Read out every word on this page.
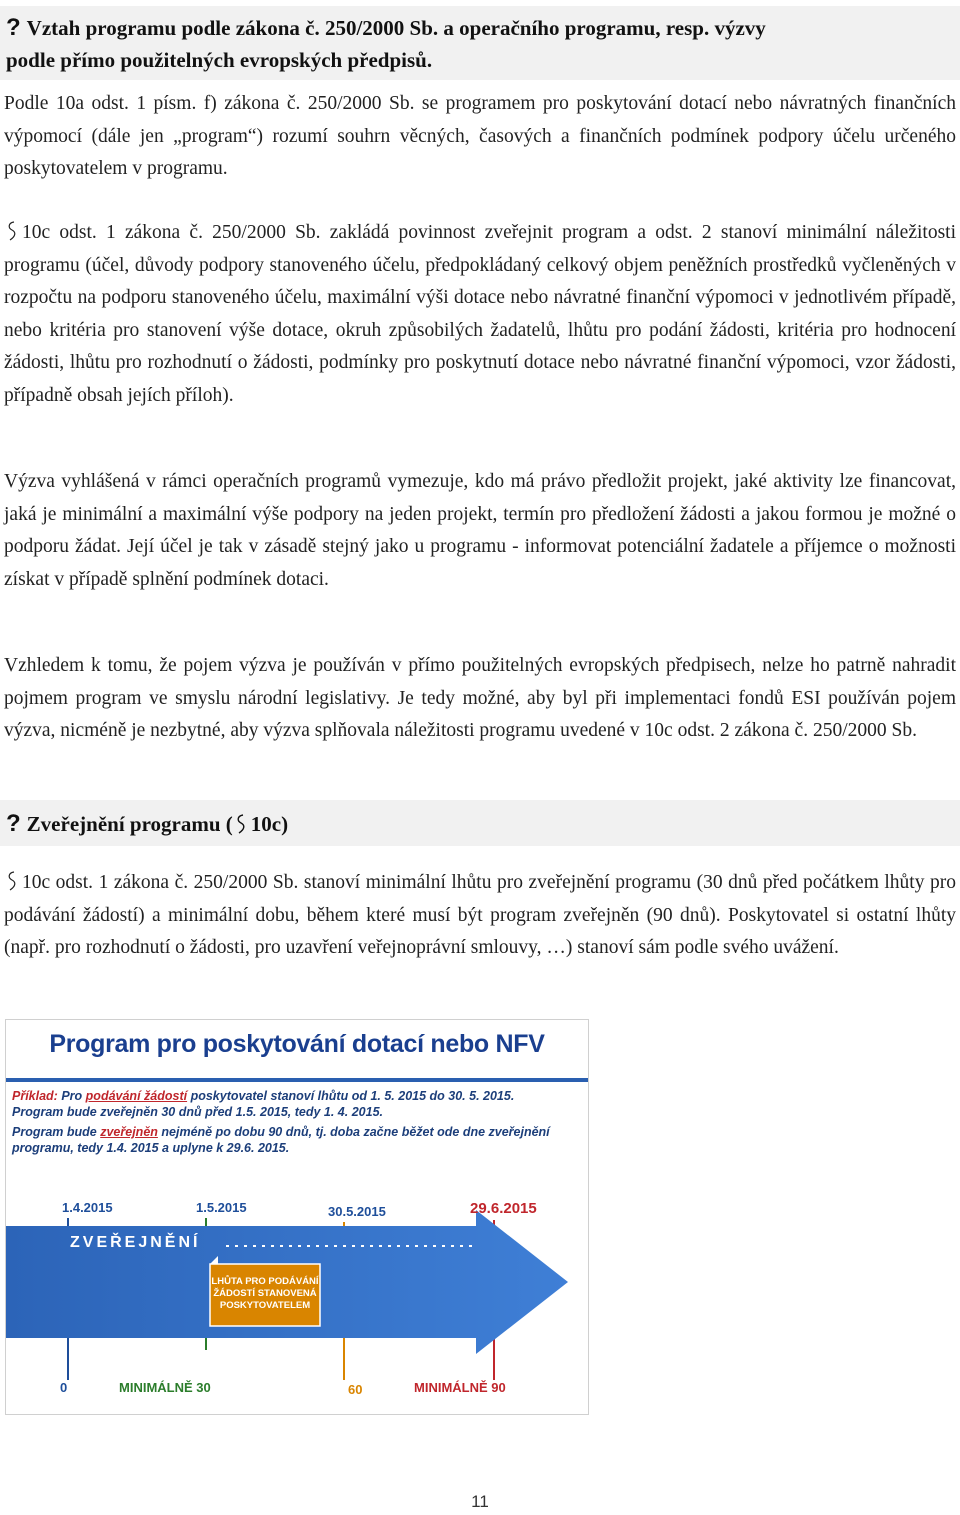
? Vztah programu podle zákona č. 250/2000 Sb. a operačního programu, resp. výzvy
podle přímo použitelných evropských předpisů.
Podle 10a odst. 1 písm. f) zákona č. 250/2000 Sb. se programem pro poskytování dotací nebo návratných finančních výpomocí (dále jen „program“) rozumí souhrn věcných, časových a finančních podmínek podpory účelu určeného poskytovatelem v programu.
10c odst. 1 zákona č. 250/2000 Sb. zakládá povinnost zveřejnit program a odst. 2 stanoví minimální náležitosti programu (účel, důvody podpory stanoveného účelu, předpokládaný celkový objem peněžních prostředků vyčleněných v rozpočtu na podporu stanoveného účelu, maximální výši dotace nebo návratné finanční výpomoci v jednotlivém případě, nebo kritéria pro stanovení výše dotace, okruh způsobilých žadatelů, lhůtu pro podání žádosti, kritéria pro hodnocení žádosti, lhůtu pro rozhodnutí o žádosti, podmínky pro poskytnutí dotace nebo návratné finanční výpomoci, vzor žádosti, případně obsah jejích příloh).
Výzva vyhlášená v rámci operačních programů vymezuje, kdo má právo předložit projekt, jaké aktivity lze financovat, jaká je minimální a maximální výše podpory na jeden projekt, termín pro předložení žádosti a jakou formou je možné o podporu žádat. Její účel je tak v zásadě stejný jako u programu - informovat potenciální žadatele a příjemce o možnosti získat v případě splnění podmínek dotaci.
Vzhledem k tomu, že pojem výzva je používán v přímo použitelných evropských předpisech, nelze ho patrně nahradit pojmem program ve smyslu národní legislativy. Je tedy možné, aby byl při implementaci fondů ESI používán pojem výzva, nicméně je nezbytné, aby výzva splňovala náležitosti programu uvedené v 10c odst. 2 zákona č. 250/2000 Sb.
? Zveřejnění programu ( 10c)
10c odst. 1 zákona č. 250/2000 Sb. stanoví minimální lhůtu pro zveřejnění programu (30 dnů před počátkem lhůty pro podávání žádostí) a minimální dobu, během které musí být program zveřejněn (90 dnů). Poskytovatel si ostatní lhůty (např. pro rozhodnutí o žádosti, pro uzavření veřejnoprávní smlouvy, …) stanoví sám podle svého uvážení.
Program pro poskytování dotací nebo NFV
Příklad: Pro podávání žádostí poskytovatel stanoví lhůtu od 1. 5. 2015 do 30. 5. 2015.
Program bude zveřejněn 30 dnů před 1.5. 2015, tedy 1. 4. 2015.
Program bude zveřejněn nejméně po dobu 90 dnů, tj. doba začne běžet ode dne zveřejnění programu, tedy 1.4. 2015 a uplyne k 29.6. 2015.
1.4.2015	1.5.2015	30.5.2015	29.6.2015
ZVEŘEJNĚNÍ
LHŮTA PRO PODÁVÁNÍ ŽÁDOSTÍ STANOVENÁ POSKYTOVATELEM
0	MINIMÁLNĚ 30	60	MINIMÁLNĚ 90
11
